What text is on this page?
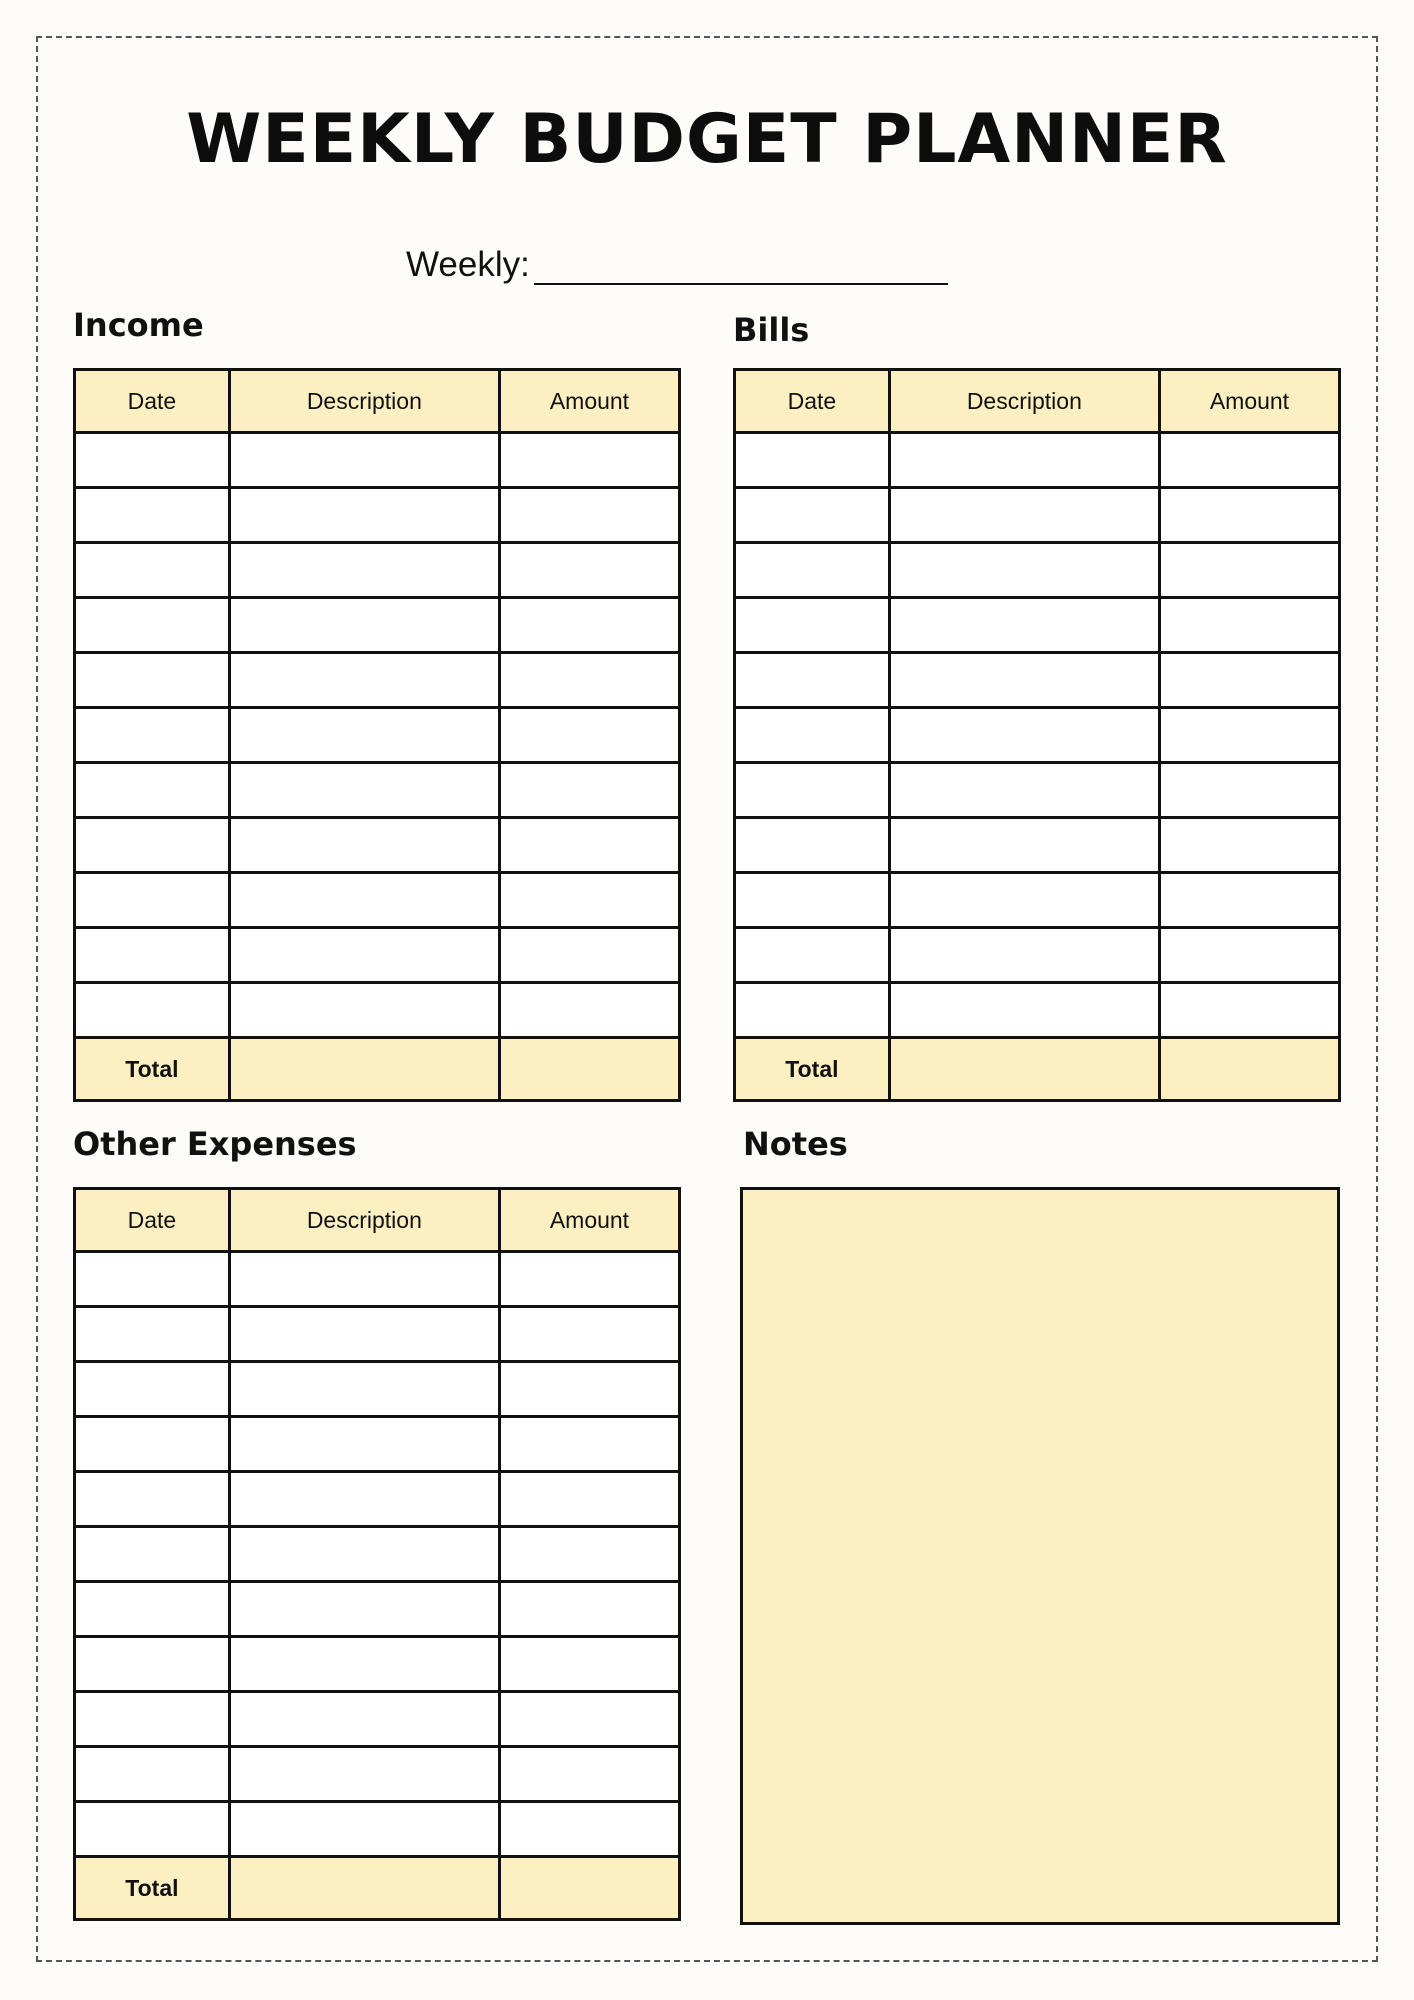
WEEKLY BUDGET PLANNER
Weekly:
Income
Date	Description	Amount

Total		
Bills
Date	Description	Amount

Total		
Other Expenses
Date	Description	Amount

Total		
Notes
